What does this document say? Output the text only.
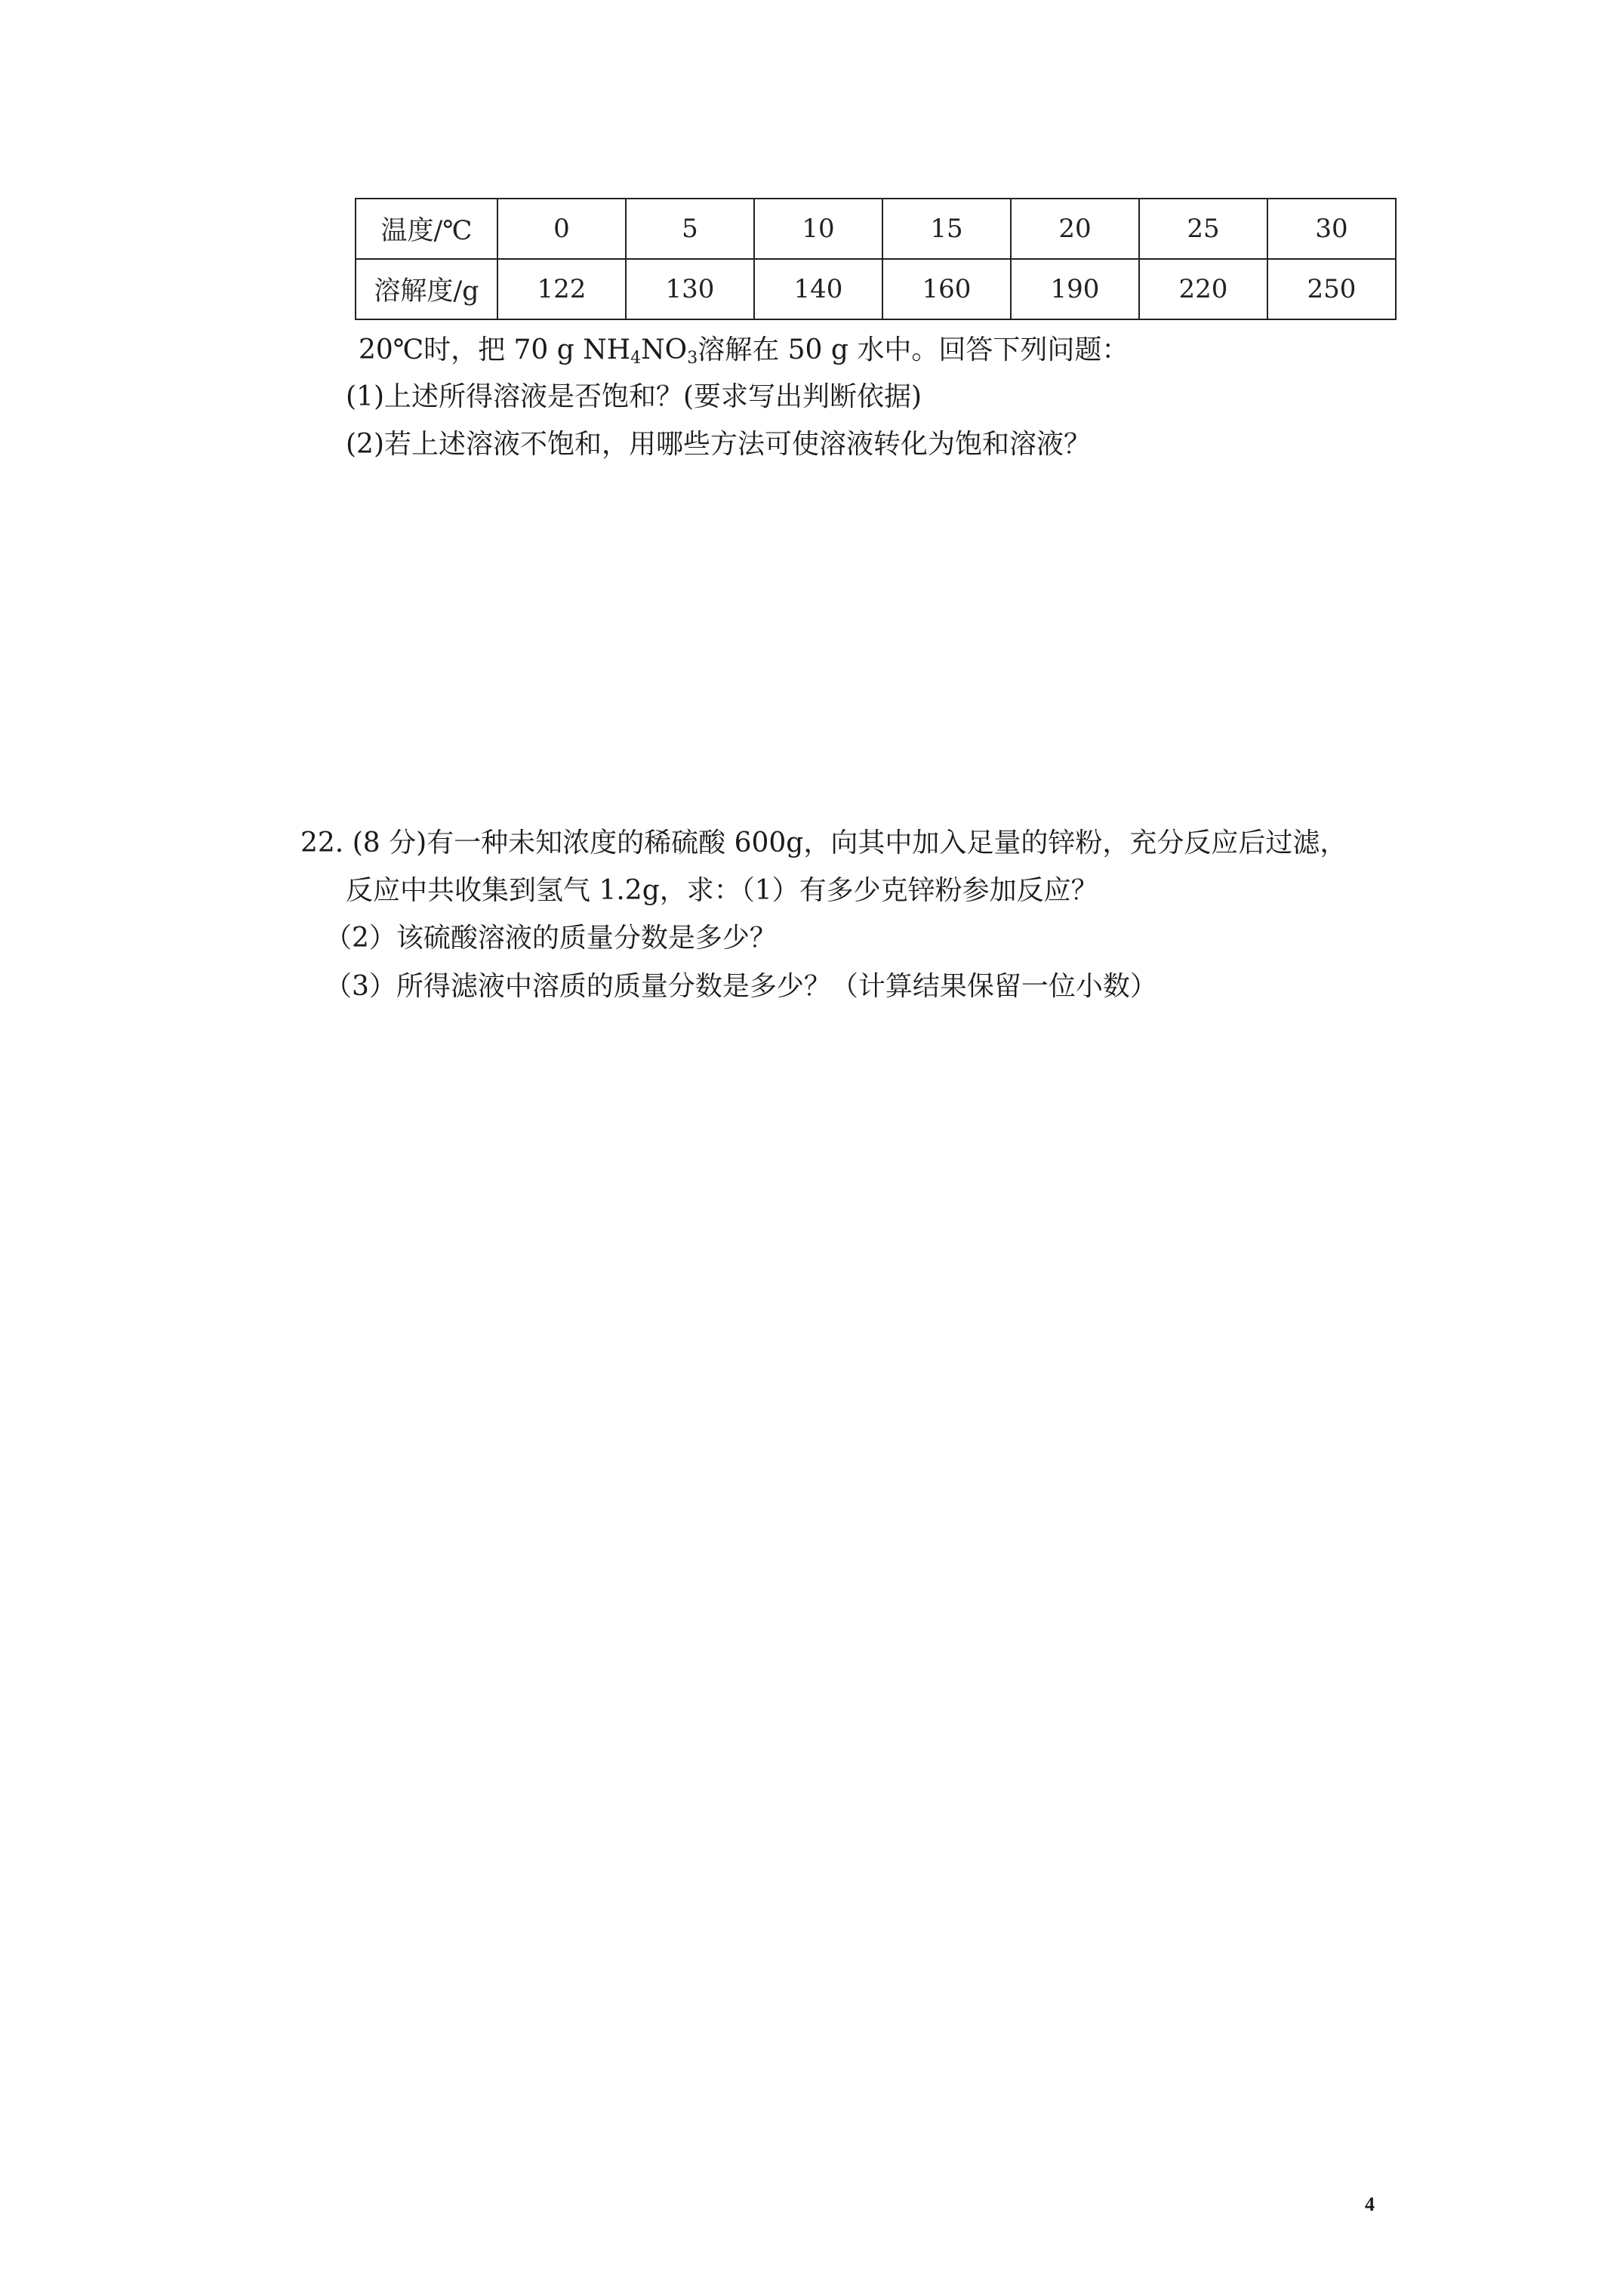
温度/℃	0	5	10	15	20	25	30
溶解度/g	122	130	140	160	190	220	250
20℃时，把 70 g $NH_4NO_3$溶解在 50 g 水中。回答下列问题：
(1)上述所得溶液是否饱和？(要求写出判断依据)
(2)若上述溶液不饱和，用哪些方法可使溶液转化为饱和溶液？
22. (8 分)有一种未知浓度的稀硫酸 600g，向其中加入足量的锌粉，充分反应后过滤，
反应中共收集到氢气 1.2g，求：（1）有多少克锌粉参加反应？
（2）该硫酸溶液的质量分数是多少？
（3）所得滤液中溶质的质量分数是多少？（计算结果保留一位小数）
4
